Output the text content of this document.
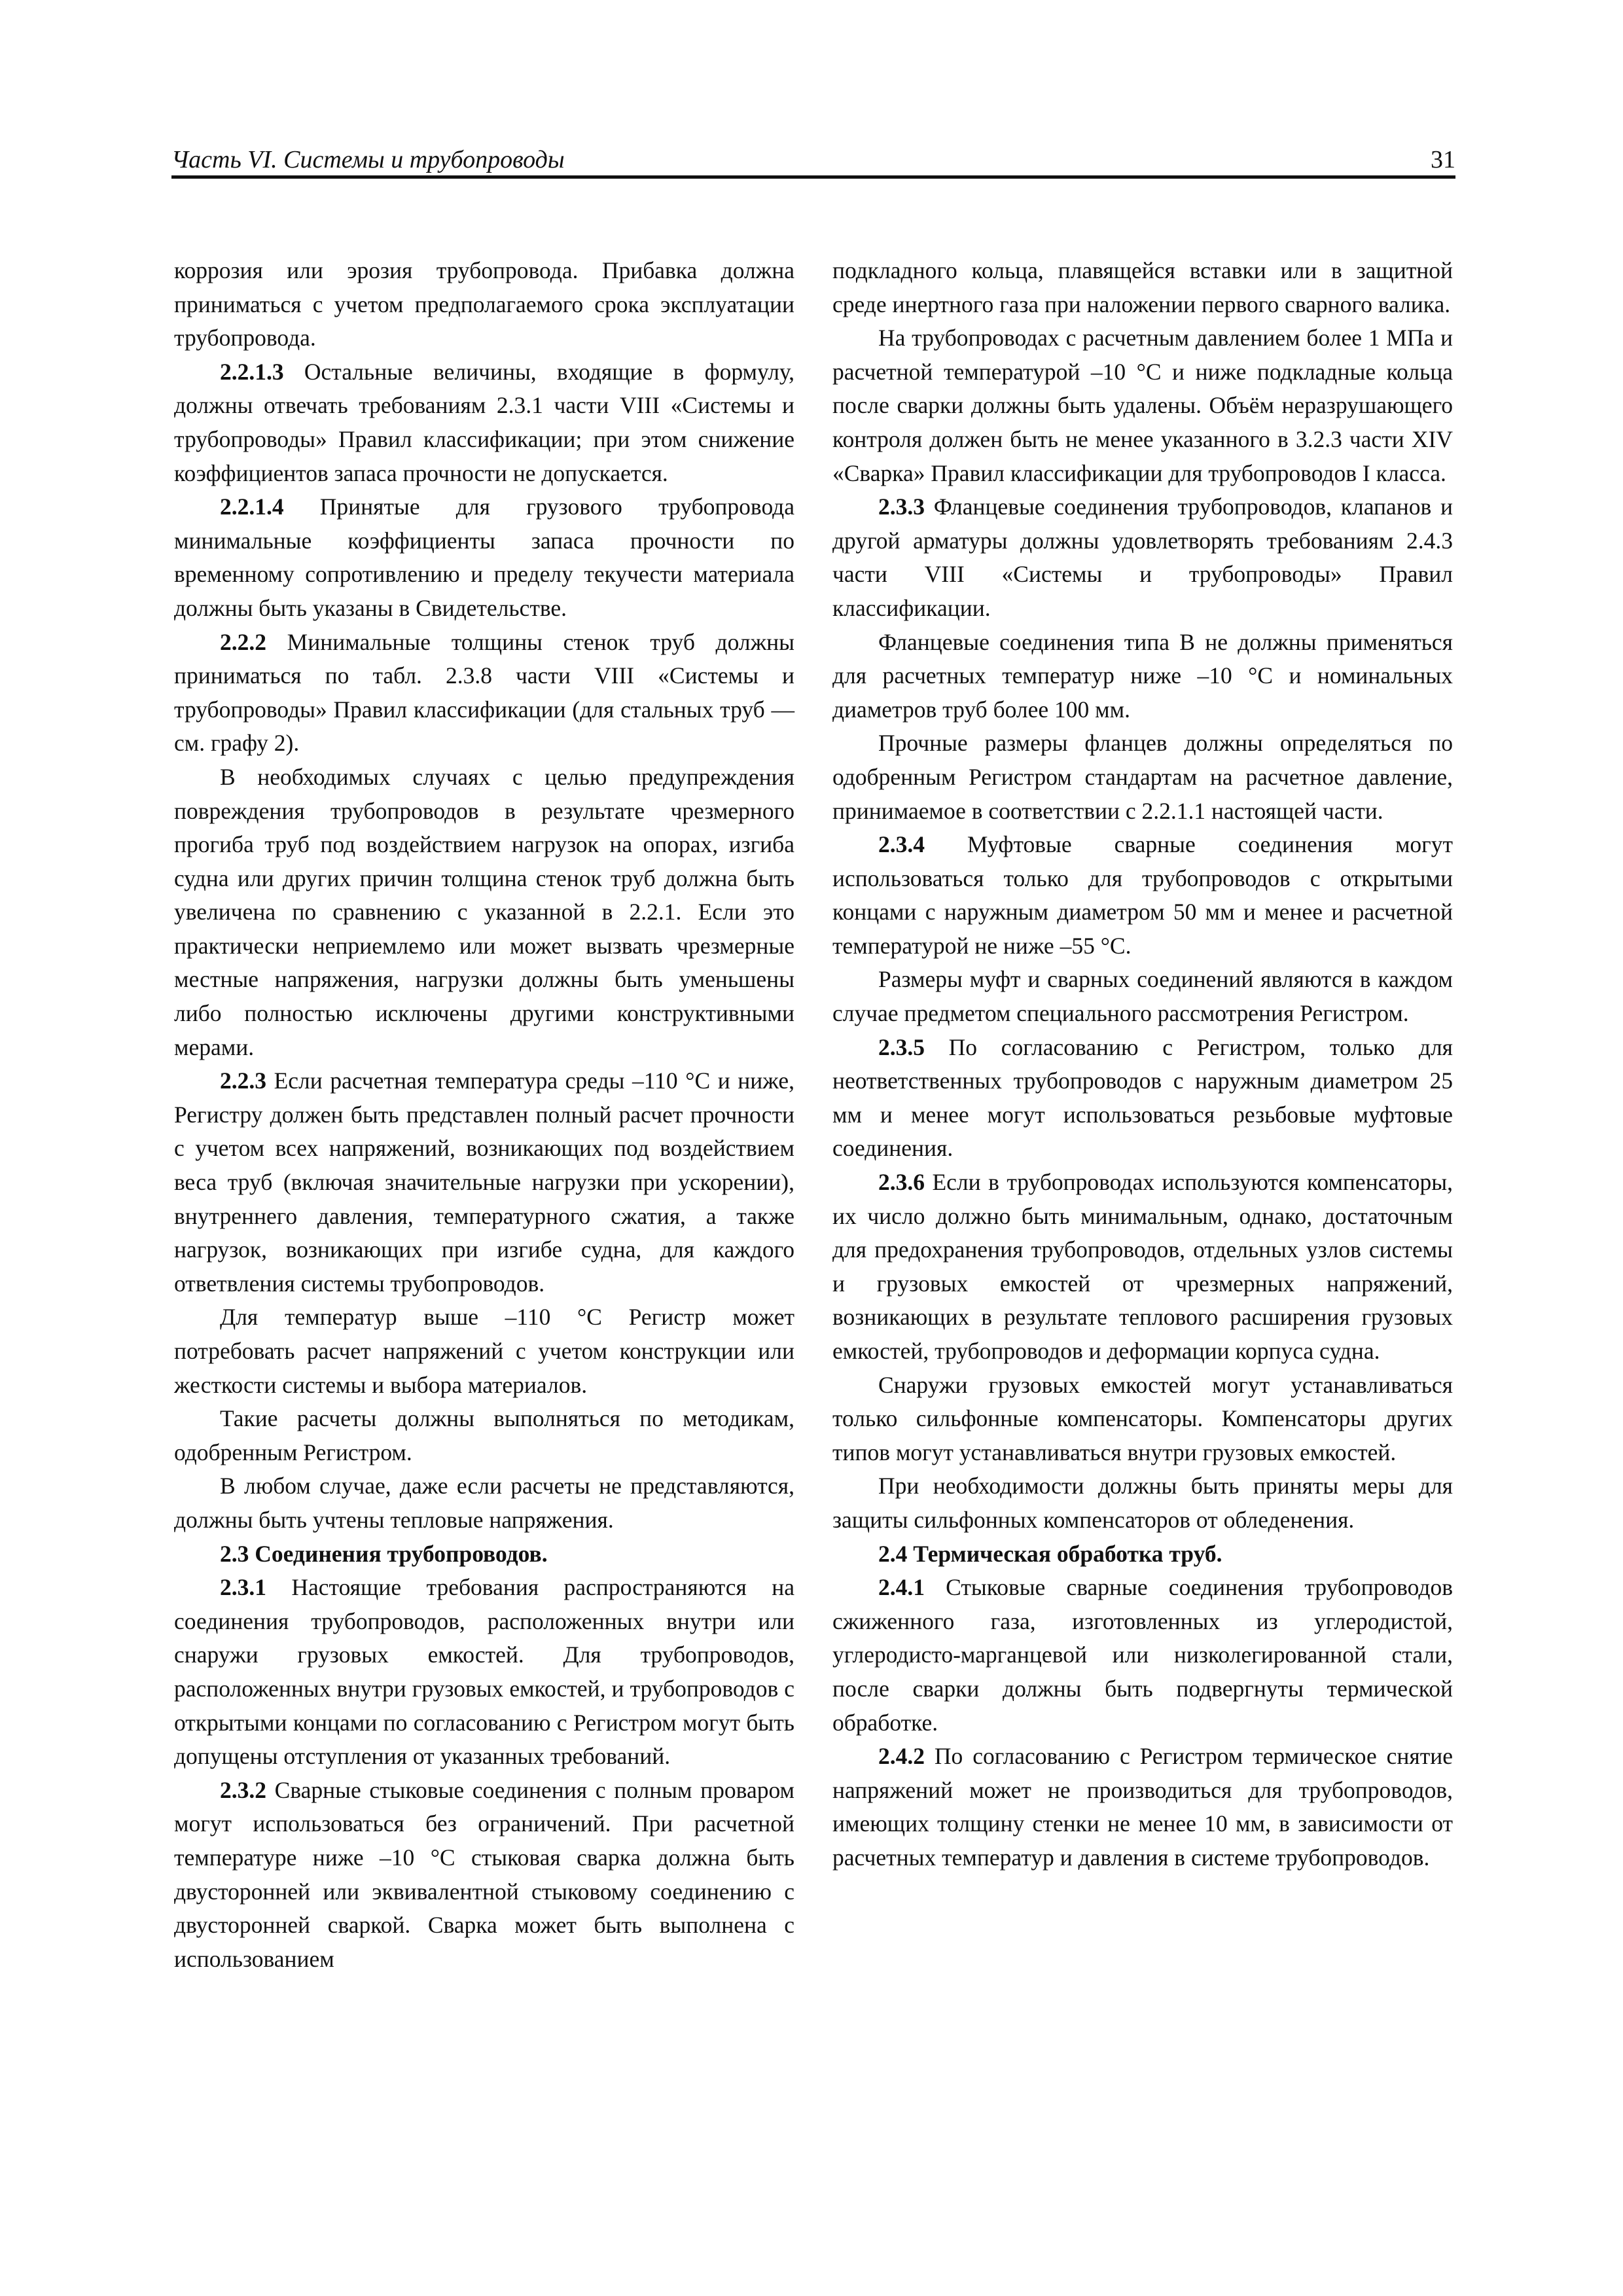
Часть VI. Системы и трубопроводы	31

коррозия или эрозия трубопровода. Прибавка должна приниматься с учетом предполагаемого срока эксплуатации трубопровода.

2.2.1.3 Остальные величины, входящие в формулу, должны отвечать требованиям 2.3.1 части VIII «Системы и трубопроводы» Правил классификации; при этом снижение коэффициентов запаса прочности не допускается.

2.2.1.4 Принятые для грузового трубопровода минимальные коэффициенты запаса прочности по временному сопротивлению и пределу текучести материала должны быть указаны в Свидетельстве.

2.2.2 Минимальные толщины стенок труб должны приниматься по табл. 2.3.8 части VIII «Системы и трубопроводы» Правил классификации (для стальных труб — см. графу 2).

В необходимых случаях с целью предупреждения повреждения трубопроводов в результате чрезмерного прогиба труб под воздействием нагрузок на опорах, изгиба судна или других причин толщина стенок труб должна быть увеличена по сравнению с указанной в 2.2.1. Если это практически неприемлемо или может вызвать чрезмерные местные напряжения, нагрузки должны быть уменьшены либо полностью исключены другими конструктивными мерами.

2.2.3 Если расчетная температура среды –110 °С и ниже, Регистру должен быть представлен полный расчет прочности с учетом всех напряжений, возникающих под воздействием веса труб (включая значительные нагрузки при ускорении), внутреннего давления, температурного сжатия, а также нагрузок, возникающих при изгибе судна, для каждого ответвления системы трубопроводов.

Для температур выше –110 °С Регистр может потребовать расчет напряжений с учетом конструкции или жесткости системы и выбора материалов.

Такие расчеты должны выполняться по методикам, одобренным Регистром.

В любом случае, даже если расчеты не представляются, должны быть учтены тепловые напряжения.

2.3 Соединения трубопроводов.

2.3.1 Настоящие требования распространяются на соединения трубопроводов, расположенных внутри или снаружи грузовых емкостей. Для трубопроводов, расположенных внутри грузовых емкостей, и трубопроводов с открытыми концами по согласованию с Регистром могут быть допущены отступления от указанных требований.

2.3.2 Сварные стыковые соединения с полным проваром могут использоваться без ограничений. При расчетной температуре ниже –10 °С стыковая сварка должна быть двусторонней или эквивалентной стыковому соединению с двусторонней сваркой. Сварка может быть выполнена с использованием

подкладного кольца, плавящейся вставки или в защитной среде инертного газа при наложении первого сварного валика.

На трубопроводах с расчетным давлением более 1 МПа и расчетной температурой –10 °С и ниже подкладные кольца после сварки должны быть удалены. Объём неразрушающего контроля должен быть не менее указанного в 3.2.3 части XIV «Сварка» Правил классификации для трубопроводов I класса.

2.3.3 Фланцевые соединения трубопроводов, клапанов и другой арматуры должны удовлетворять требованиям 2.4.3 части VIII «Системы и трубопроводы» Правил классификации.

Фланцевые соединения типа В не должны применяться для расчетных температур ниже –10 °С и номинальных диаметров труб более 100 мм.

Прочные размеры фланцев должны определяться по одобренным Регистром стандартам на расчетное давление, принимаемое в соответствии с 2.2.1.1 настоящей части.

2.3.4 Муфтовые сварные соединения могут использоваться только для трубопроводов с открытыми концами с наружным диаметром 50 мм и менее и расчетной температурой не ниже –55 °С.

Размеры муфт и сварных соединений являются в каждом случае предметом специального рассмотрения Регистром.

2.3.5 По согласованию с Регистром, только для неответственных трубопроводов с наружным диаметром 25 мм и менее могут использоваться резьбовые муфтовые соединения.

2.3.6 Если в трубопроводах используются компенсаторы, их число должно быть минимальным, однако, достаточным для предохранения трубопроводов, отдельных узлов системы и грузовых емкостей от чрезмерных напряжений, возникающих в результате теплового расширения грузовых емкостей, трубопроводов и деформации корпуса судна.

Снаружи грузовых емкостей могут устанавливаться только сильфонные компенсаторы. Компенсаторы других типов могут устанавливаться внутри грузовых емкостей.

При необходимости должны быть приняты меры для защиты сильфонных компенсаторов от обледенения.

2.4 Термическая обработка труб.

2.4.1 Стыковые сварные соединения трубопроводов сжиженного газа, изготовленных из углеродистой, углеродисто-марганцевой или низколегированной стали, после сварки должны быть подвергнуты термической обработке.

2.4.2 По согласованию с Регистром термическое снятие напряжений может не производиться для трубопроводов, имеющих толщину стенки не менее 10 мм, в зависимости от расчетных температур и давления в системе трубопроводов.
